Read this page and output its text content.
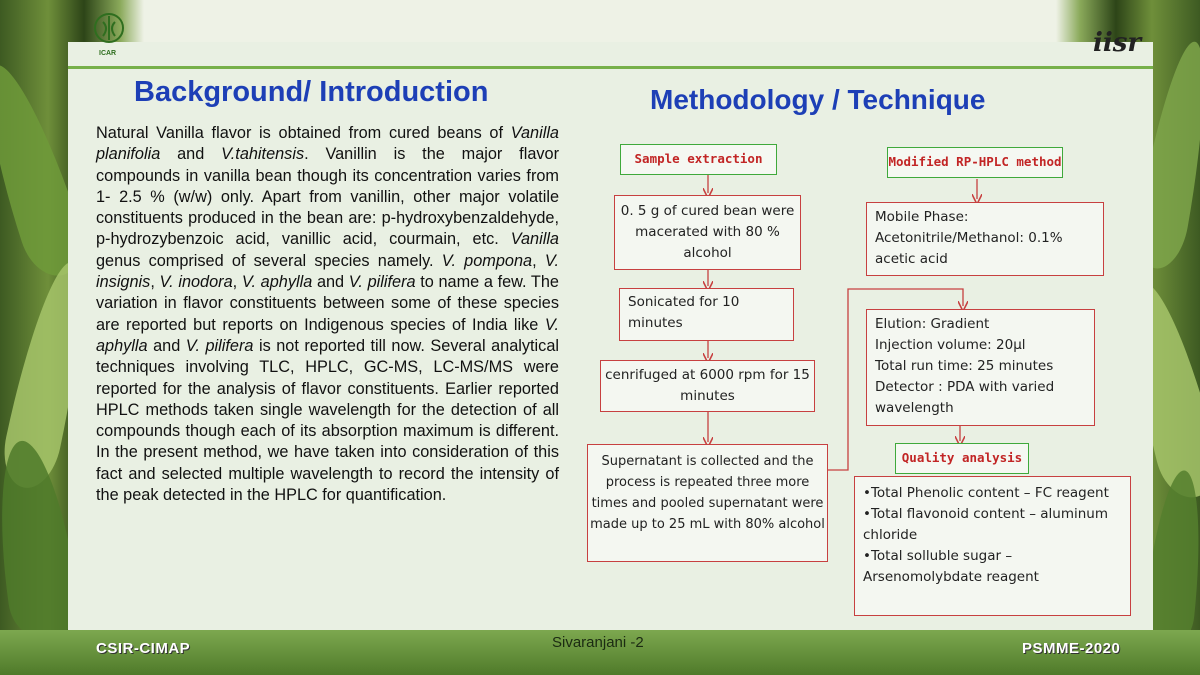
ICAR	iisr
Background/ Introduction	Methodology / Technique
Natural Vanilla flavor is obtained from cured beans of Vanilla planifolia and V.tahitensis. Vanillin is the major flavor compounds in vanilla bean though its concentration varies from 1- 2.5 % (w/w) only. Apart from vanillin, other major volatile constituents produced in the bean are: p-hydroxybenzaldehyde, p-hydrozybenzoic acid, vanillic acid, courmain, etc. Vanilla genus comprised of several species namely. V. pompona, V. insignis, V. inodora, V. aphylla and V. pilifera to name a few. The variation in flavor constituents between some of these species are reported but reports on Indigenous species of India like V. aphylla and V. pilifera is not reported till now. Several analytical techniques involving TLC, HPLC, GC-MS, LC-MS/MS were reported for the analysis of flavor constituents. Earlier reported HPLC methods taken single wavelength for the detection of all compounds though each of its absorption maximum is different. In the present method, we have taken into consideration of this fact and selected multiple wavelength to record the intensity of the peak detected in the HPLC for quantification.
Sample extraction	Modified RP-HPLC method
0. 5 g of cured bean were macerated with 80 % alcohol
Sonicated for 10 minutes
cenrifuged at 6000 rpm for 15 minutes
Supernatant is collected and the process is repeated three more times and pooled supernatant were made up to 25 mL with 80% alcohol
Mobile Phase:
Acetonitrile/Methanol: 0.1% acetic acid
Elution: Gradient
Injection volume: 20µl
Total run time: 25 minutes
Detector : PDA with varied wavelength
Quality analysis
•Total Phenolic content – FC reagent
•Total flavonoid content – aluminum chloride
•Total solluble sugar – Arsenomolybdate reagent
CSIR-CIMAP	Sivaranjani -2	PSMME-2020
